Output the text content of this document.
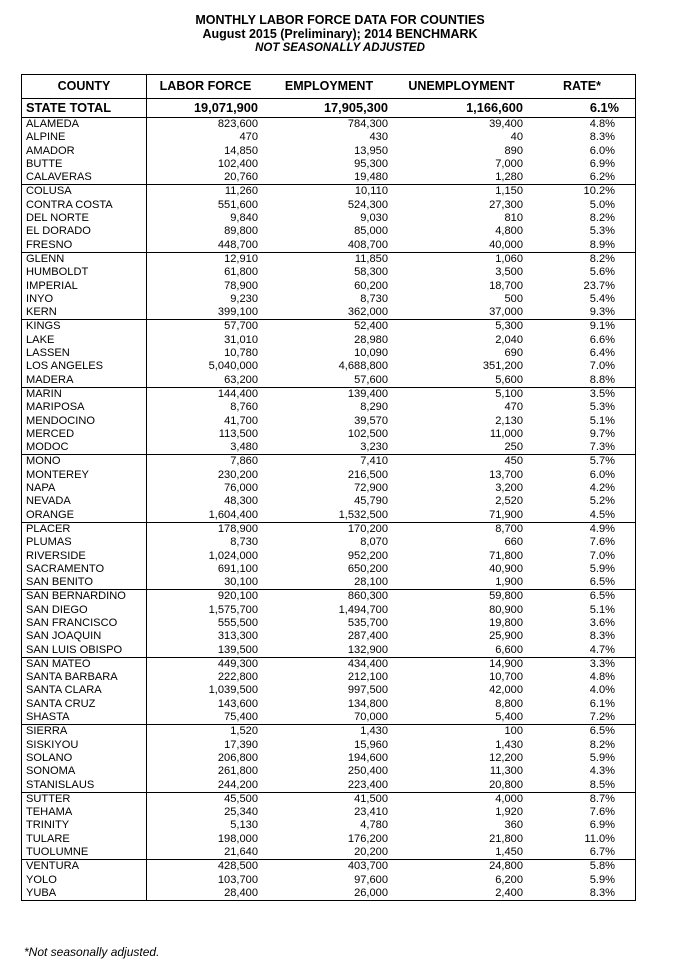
MONTHLY LABOR FORCE DATA FOR COUNTIES
August 2015 (Preliminary); 2014 BENCHMARK
NOT SEASONALLY ADJUSTED
COUNTY	LABOR FORCE	EMPLOYMENT	UNEMPLOYMENT	RATE*
STATE TOTAL	19,071,900	17,905,300	1,166,600	6.1%
ALAMEDA	823,600	784,300	39,400	4.8%
ALPINE	470	430	40	8.3%
AMADOR	14,850	13,950	890	6.0%
BUTTE	102,400	95,300	7,000	6.9%
CALAVERAS	20,760	19,480	1,280	6.2%
COLUSA	11,260	10,110	1,150	10.2%
CONTRA COSTA	551,600	524,300	27,300	5.0%
DEL NORTE	9,840	9,030	810	8.2%
EL DORADO	89,800	85,000	4,800	5.3%
FRESNO	448,700	408,700	40,000	8.9%
GLENN	12,910	11,850	1,060	8.2%
HUMBOLDT	61,800	58,300	3,500	5.6%
IMPERIAL	78,900	60,200	18,700	23.7%
INYO	9,230	8,730	500	5.4%
KERN	399,100	362,000	37,000	9.3%
KINGS	57,700	52,400	5,300	9.1%
LAKE	31,010	28,980	2,040	6.6%
LASSEN	10,780	10,090	690	6.4%
LOS ANGELES	5,040,000	4,688,800	351,200	7.0%
MADERA	63,200	57,600	5,600	8.8%
MARIN	144,400	139,400	5,100	3.5%
MARIPOSA	8,760	8,290	470	5.3%
MENDOCINO	41,700	39,570	2,130	5.1%
MERCED	113,500	102,500	11,000	9.7%
MODOC	3,480	3,230	250	7.3%
MONO	7,860	7,410	450	5.7%
MONTEREY	230,200	216,500	13,700	6.0%
NAPA	76,000	72,900	3,200	4.2%
NEVADA	48,300	45,790	2,520	5.2%
ORANGE	1,604,400	1,532,500	71,900	4.5%
PLACER	178,900	170,200	8,700	4.9%
PLUMAS	8,730	8,070	660	7.6%
RIVERSIDE	1,024,000	952,200	71,800	7.0%
SACRAMENTO	691,100	650,200	40,900	5.9%
SAN BENITO	30,100	28,100	1,900	6.5%
SAN BERNARDINO	920,100	860,300	59,800	6.5%
SAN DIEGO	1,575,700	1,494,700	80,900	5.1%
SAN FRANCISCO	555,500	535,700	19,800	3.6%
SAN JOAQUIN	313,300	287,400	25,900	8.3%
SAN LUIS OBISPO	139,500	132,900	6,600	4.7%
SAN MATEO	449,300	434,400	14,900	3.3%
SANTA BARBARA	222,800	212,100	10,700	4.8%
SANTA CLARA	1,039,500	997,500	42,000	4.0%
SANTA CRUZ	143,600	134,800	8,800	6.1%
SHASTA	75,400	70,000	5,400	7.2%
SIERRA	1,520	1,430	100	6.5%
SISKIYOU	17,390	15,960	1,430	8.2%
SOLANO	206,800	194,600	12,200	5.9%
SONOMA	261,800	250,400	11,300	4.3%
STANISLAUS	244,200	223,400	20,800	8.5%
SUTTER	45,500	41,500	4,000	8.7%
TEHAMA	25,340	23,410	1,920	7.6%
TRINITY	5,130	4,780	360	6.9%
TULARE	198,000	176,200	21,800	11.0%
TUOLUMNE	21,640	20,200	1,450	6.7%
VENTURA	428,500	403,700	24,800	5.8%
YOLO	103,700	97,600	6,200	5.9%
YUBA	28,400	26,000	2,400	8.3%
*Not seasonally adjusted.
